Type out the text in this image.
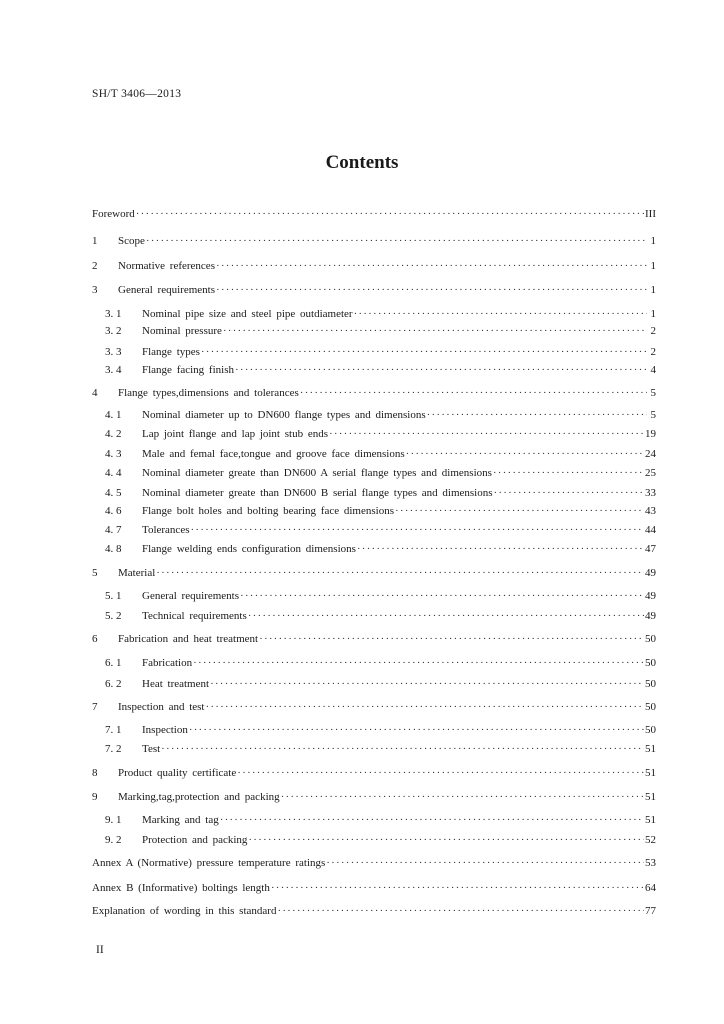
SH/T 3406—2013
Contents
Foreword ·····	III
1	Scope ·····	1
2	Normative references ·····	1
3	General requirements ·····	1
3. 1	Nominal pipe size and steel pipe outdiameter ·····	1
3. 2	Nominal pressure ·····	2
3. 3	Flange types ·····	2
3. 4	Flange facing finish ·····	4
4	Flange types,dimensions and tolerances ·····	5
4. 1	Nominal diameter up to DN600 flange types and dimensions ·····	5
4. 2	Lap joint flange and lap joint stub ends ·····	19
4. 3	Male and femal face,tongue and groove face dimensions ·····	24
4. 4	Nominal diameter greate than DN600 A serial flange types and dimensions ·····	25
4. 5	Nominal diameter greate than DN600 B serial flange types and dimensions ·····	33
4. 6	Flange bolt holes and bolting bearing face dimensions ·····	43
4. 7	Tolerances ·····	44
4. 8	Flange welding ends configuration dimensions ·····	47
5	Material ·····	49
5. 1	General requirements ·····	49
5. 2	Technical requirements ·····	49
6	Fabrication and heat treatment ·····	50
6. 1	Fabrication ·····	50
6. 2	Heat treatment ·····	50
7	Inspection and test ·····	50
7. 1	Inspection ·····	50
7. 2	Test ·····	51
8	Product quality certificate ·····	51
9	Marking,tag,protection and packing ·····	51
9. 1	Marking and tag ·····	51
9. 2	Protection and packing ·····	52
Annex A (Normative) pressure temperature ratings ·····	53
Annex B (Informative) boltings length ·····	64
Explanation of wording in this standard ·····	77
II
